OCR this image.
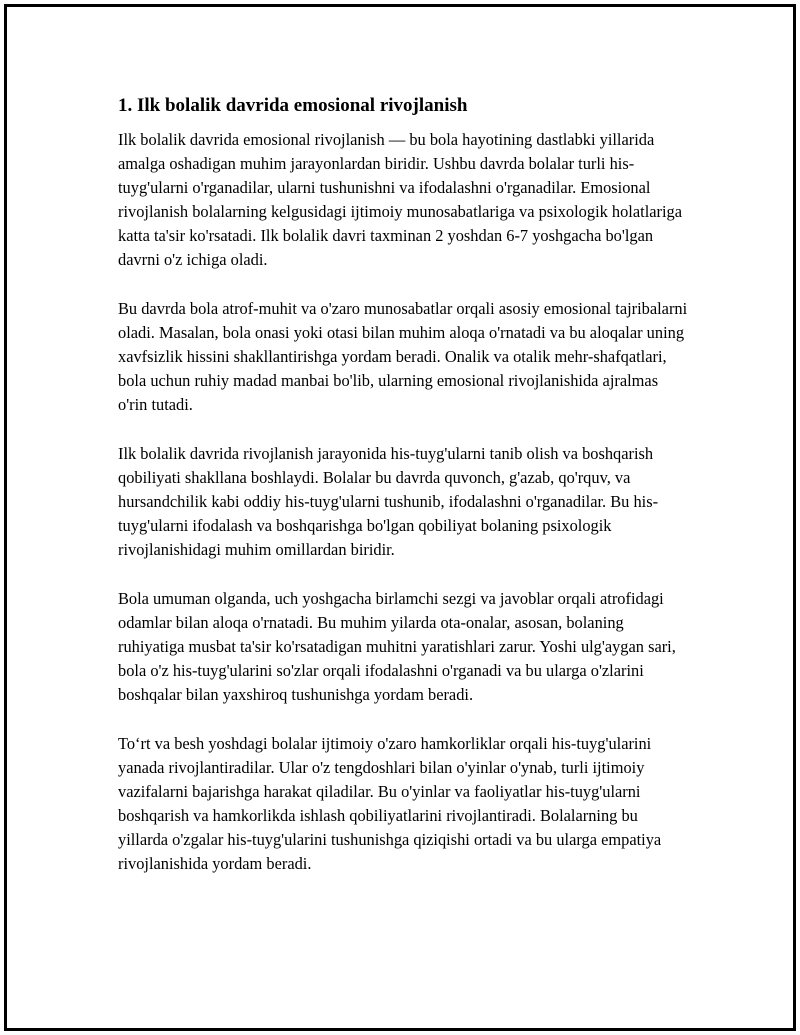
1. Ilk bolalik davrida emosional rivojlanish

Ilk bolalik davrida emosional rivojlanish — bu bola hayotining dastlabki yillarida amalga oshadigan muhim jarayonlardan biridir. Ushbu davrda bolalar turli his-tuyg'ularni o'rganadilar, ularni tushunishni va ifodalashni o'rganadilar. Emosional rivojlanish bolalarning kelgusidagi ijtimoiy munosabatlariga va psixologik holatlariga katta ta'sir ko'rsatadi. Ilk bolalik davri taxminan 2 yoshdan 6-7 yoshgacha bo'lgan davrni o'z ichiga oladi.

Bu davrda bola atrof-muhit va o'zaro munosabatlar orqali asosiy emosional tajribalarni oladi. Masalan, bola onasi yoki otasi bilan muhim aloqa o'rnatadi va bu aloqalar uning xavfsizlik hissini shakllantirishga yordam beradi. Onalik va otalik mehr-shafqatlari, bola uchun ruhiy madad manbai bo'lib, ularning emosional rivojlanishida ajralmas o'rin tutadi.

Ilk bolalik davrida rivojlanish jarayonida his-tuyg'ularni tanib olish va boshqarish qobiliyati shakllana boshlaydi. Bolalar bu davrda quvonch, g'azab, qo'rquv, va hursandchilik kabi oddiy his-tuyg'ularni tushunib, ifodalashni o'rganadilar. Bu his-tuyg'ularni ifodalash va boshqarishga bo'lgan qobiliyat bolaning psixologik rivojlanishidagi muhim omillardan biridir.

Bola umuman olganda, uch yoshgacha birlamchi sezgi va javoblar orqali atrofidagi odamlar bilan aloqa o'rnatadi. Bu muhim yilarda ota-onalar, asosan, bolaning ruhiyatiga musbat ta'sir ko'rsatadigan muhitni yaratishlari zarur. Yoshi ulg'aygan sari, bola o'z his-tuyg'ularini so'zlar orqali ifodalashni o'rganadi va bu ularga o'zlarini boshqalar bilan yaxshiroq tushunishga yordam beradi.

To‘rt va besh yoshdagi bolalar ijtimoiy o'zaro hamkorliklar orqali his-tuyg'ularini yanada rivojlantiradilar. Ular o'z tengdoshlari bilan o'yinlar o'ynab, turli ijtimoiy vazifalarni bajarishga harakat qiladilar. Bu o'yinlar va faoliyatlar his-tuyg'ularni boshqarish va hamkorlikda ishlash qobiliyatlarini rivojlantiradi. Bolalarning bu yillarda o'zgalar his-tuyg'ularini tushunishga qiziqishi ortadi va bu ularga empatiya rivojlanishida yordam beradi.
